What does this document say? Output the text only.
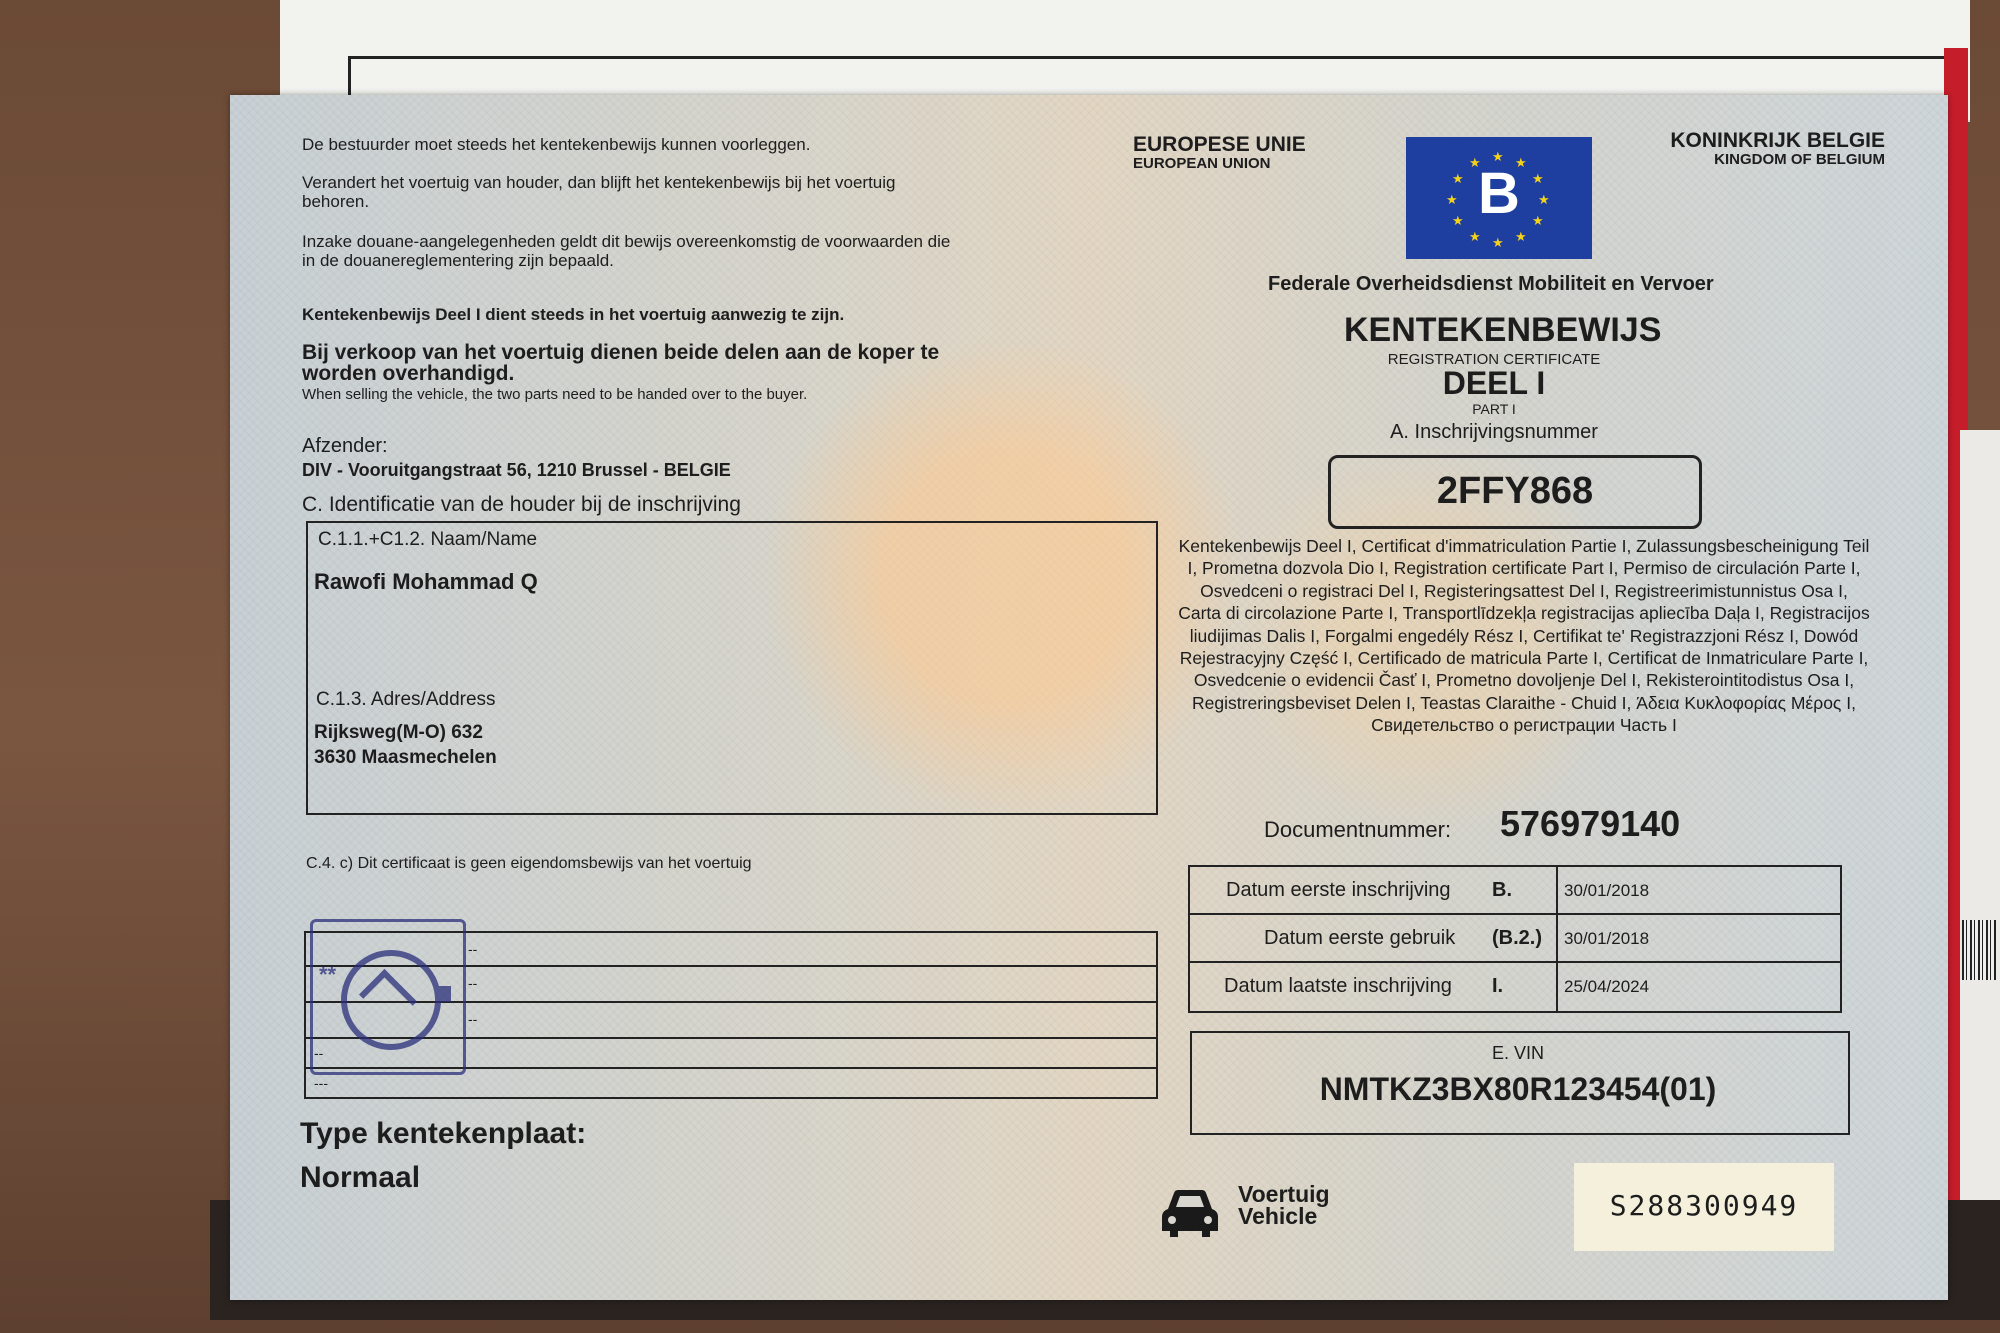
De bestuurder moet steeds het kentekenbewijs kunnen voorleggen.
Verandert het voertuig van houder, dan blijft het kentekenbewijs bij het voertuig
behoren.
Inzake douane-aangelegenheden geldt dit bewijs overeenkomstig de voorwaarden die
in de douanereglementering zijn bepaald.
Kentekenbewijs Deel I dient steeds in het voertuig aanwezig te zijn.
Bij verkoop van het voertuig dienen beide delen aan de koper te
worden overhandigd.
When selling the vehicle, the two parts need to be handed over to the buyer.
Afzender:
DIV - Vooruitgangstraat 56, 1210 Brussel - BELGIE
C. Identificatie van de houder bij de inschrijving
C.1.1.+C1.2. Naam/Name
Rawofi Mohammad Q
C.1.3. Adres/Address
Rijksweg(M-O) 632
3630 Maasmechelen
C.4. c) Dit certificaat is geen eigendomsbewijs van het voertuig
--
--
--
--
---
**
Type kentekenplaat:
Normaal
EUROPESE UNIE
EUROPEAN UNION	★ ★
★
★
★
★
★
★
★
★
★
★
B
KONINKRIJK BELGIE
KINGDOM OF BELGIUM
Federale Overheidsdienst Mobiliteit en Vervoer
KENTEKENBEWIJS
REGISTRATION CERTIFICATE
DEEL I
PART I
A. Inschrijvingsnummer
2FFY868
Kentekenbewijs Deel I, Certificat d'immatriculation Partie I, Zulassungsbescheinigung Teil I, Prometna dozvola Dio I, Registration certificate Part I, Permiso de circulación Parte I, Osvedceni o registraci Del I, Registeringsattest Del I, Registreerimistunnistus Osa I, Carta di circolazione Parte I, Transportlīdzekļa registracijas apliecība Daļa I, Registracijos liudijimas Dalis I, Forgalmi engedély Rész I, Certifikat te' Registrazzjoni Rész I, Dowód Rejestracyjny Część I, Certificado de matricula Parte I, Certificat de Inmatriculare Parte I, Osvedcenie o evidencii Časť I, Prometno dovoljenje Del I, Rekisterointitodistus Osa I, Registreringsbeviset Delen I, Teastas Claraithe - Chuid I, Άδεια Κυκλοφορίας Μέρος I, Свидетельство о регистрации Часть I
Documentnummer: 576979140
Datum eerste inschrijving B.	30/01/2018
Datum eerste gebruik (B.2.) 30/01/2018
Datum laatste inschrijving I.	25/04/2024
E. VIN
NMTKZ3BX80R123454(01)
Voertuig
Vehicle	S288300949
